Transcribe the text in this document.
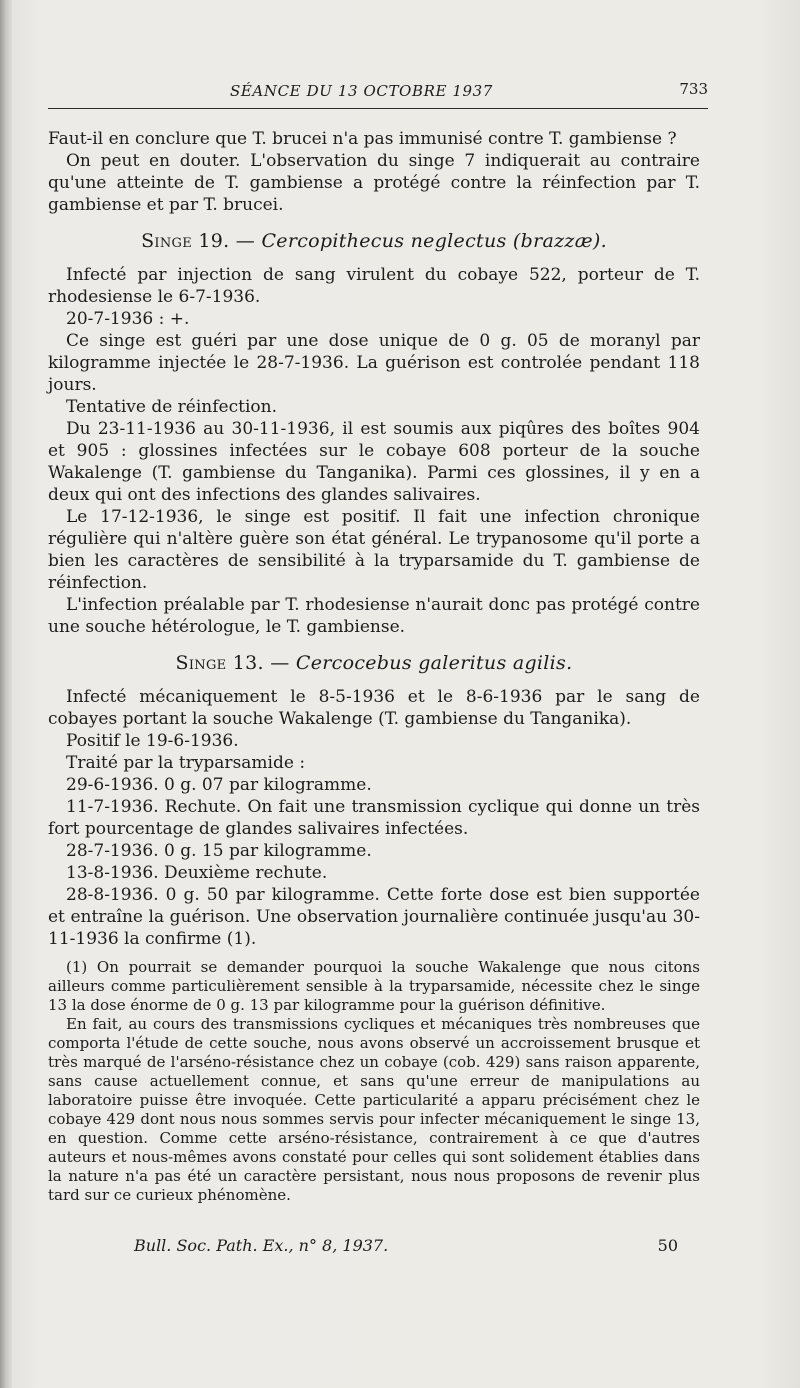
SÉANCE DU 13 OCTOBRE 1937	733

Faut-il en conclure que T. brucei n'a pas immunisé contre T. gambiense ?

On peut en douter. L'observation du singe 7 indiquerait au contraire qu'une atteinte de T. gambiense a protégé contre la réinfection par T. gambiense et par T. brucei.

Singe 19. — Cercopithecus neglectus (brazzæ).

Infecté par injection de sang virulent du cobaye 522, porteur de T. rhodesiense le 6-7-1936.

20-7-1936 : +.

Ce singe est guéri par une dose unique de 0 g. 05 de moranyl par kilogramme injectée le 28-7-1936. La guérison est controlée pendant 118 jours.

Tentative de réinfection.

Du 23-11-1936 au 30-11-1936, il est soumis aux piqûres des boîtes 904 et 905 : glossines infectées sur le cobaye 608 porteur de la souche Wakalenge (T. gambiense du Tanganika). Parmi ces glossines, il y en a deux qui ont des infections des glandes salivaires.

Le 17-12-1936, le singe est positif. Il fait une infection chronique régulière qui n'altère guère son état général. Le trypanosome qu'il porte a bien les caractères de sensibilité à la tryparsamide du T. gambiense de réinfection.

L'infection préalable par T. rhodesiense n'aurait donc pas protégé contre une souche hétérologue, le T. gambiense.

Singe 13. — Cercocebus galeritus agilis.

Infecté mécaniquement le 8-5-1936 et le 8-6-1936 par le sang de cobayes portant la souche Wakalenge (T. gambiense du Tanganika).

Positif le 19-6-1936.

Traité par la tryparsamide :

29-6-1936. 0 g. 07 par kilogramme.

11-7-1936. Rechute. On fait une transmission cyclique qui donne un très fort pourcentage de glandes salivaires infectées.

28-7-1936. 0 g. 15 par kilogramme.

13-8-1936. Deuxième rechute.

28-8-1936. 0 g. 50 par kilogramme. Cette forte dose est bien supportée et entraîne la guérison. Une observation journalière continuée jusqu'au 30-11-1936 la confirme (1).

(1) On pourrait se demander pourquoi la souche Wakalenge que nous citons ailleurs comme particulièrement sensible à la tryparsamide, nécessite chez le singe 13 la dose énorme de 0 g. 13 par kilogramme pour la guérison définitive.

En fait, au cours des transmissions cycliques et mécaniques très nombreuses que comporta l'étude de cette souche, nous avons observé un accroissement brusque et très marqué de l'arséno-résistance chez un cobaye (cob. 429) sans raison apparente, sans cause actuellement connue, et sans qu'une erreur de manipulations au laboratoire puisse être invoquée. Cette particularité a apparu précisément chez le cobaye 429 dont nous nous sommes servis pour infecter mécaniquement le singe 13, en question. Comme cette arséno-résistance, contrairement à ce que d'autres auteurs et nous-mêmes avons constaté pour celles qui sont solidement établies dans la nature n'a pas été un caractère persistant, nous nous proposons de revenir plus tard sur ce curieux phénomène.

Bull. Soc. Path. Ex., n° 8, 1937.	50
